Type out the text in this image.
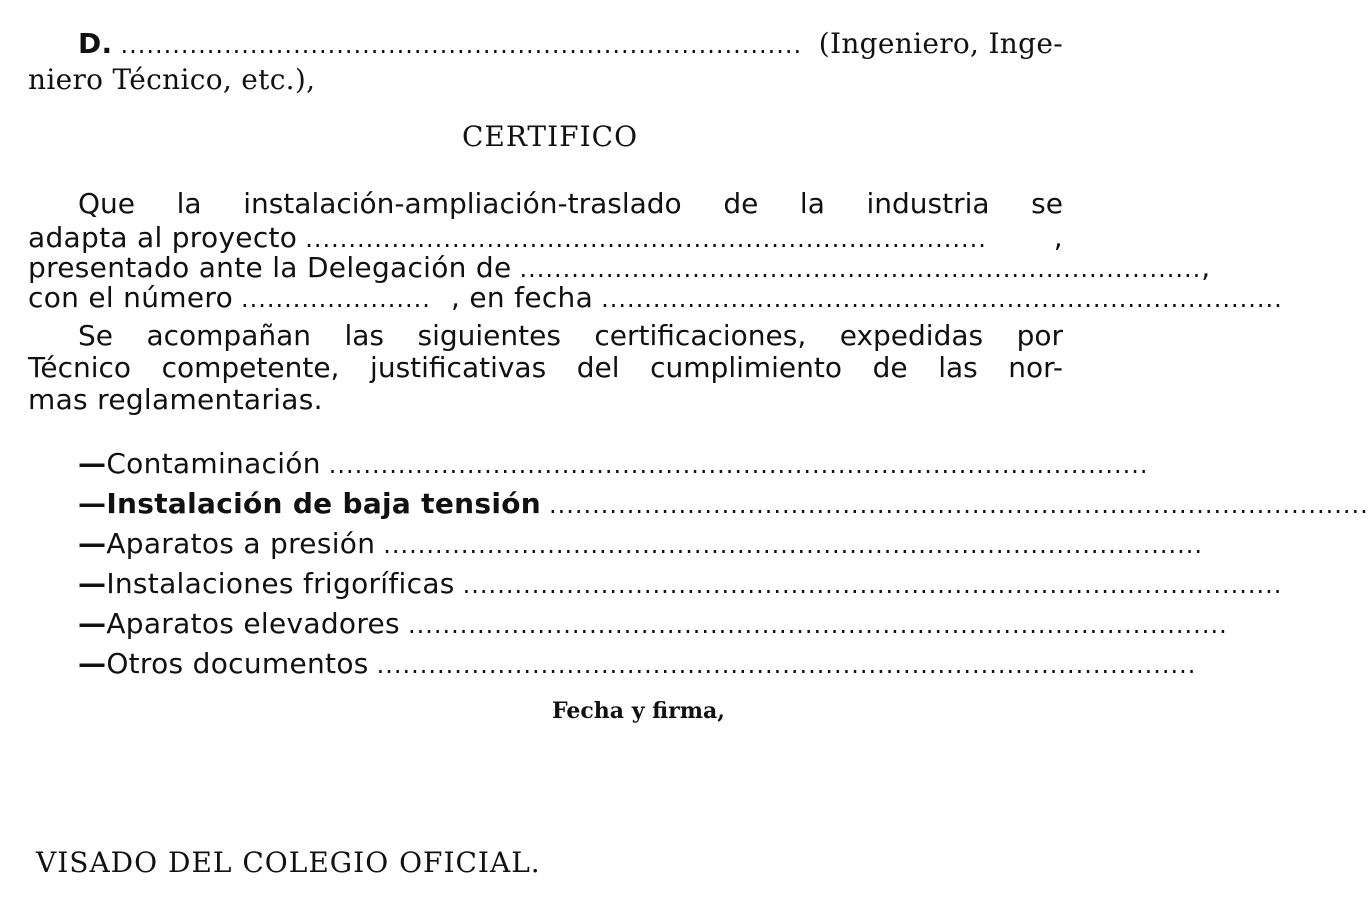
D. ............................................................................... (Ingeniero, Inge-
niero Técnico, etc.),
CERTIFICO
Que la instalación-ampliación-traslado de la industria se
adapta al proyecto ...............................................................................	,
presentado ante la Delegación de ............................................................................... ,
con el número ...................... , en fecha ...............................................................................
Se acompañan las siguientes certificaciones, expedidas por
Técnico competente, justificativas del cumplimiento de las nor-
mas reglamentarias.
— Contaminación ...............................................................................................
— Instalación de baja tensión ...............................................................................................
— Aparatos a presión ...............................................................................................
— Instalaciones frigoríficas ...............................................................................................
— Aparatos elevadores ...............................................................................................
— Otros documentos ...............................................................................................
Fecha y firma,
VISADO DEL COLEGIO OFICIAL.
